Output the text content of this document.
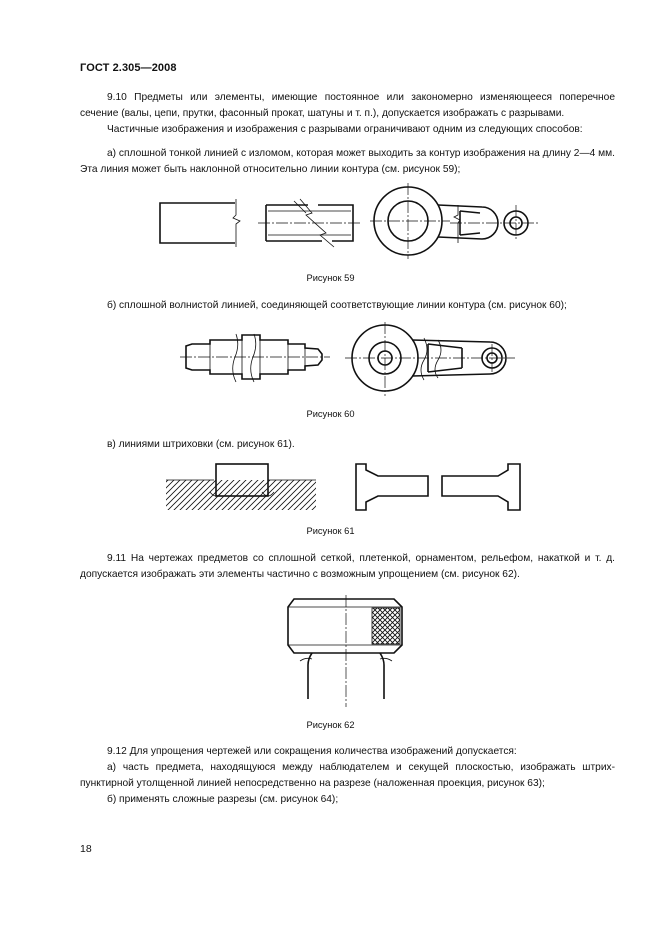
ГОСТ 2.305—2008
9.10 Предметы или элементы, имеющие постоянное или закономерно изменяющееся поперечное сечение (валы, цепи, прутки, фасонный прокат, шатуны и т. п.), допускается изображать с разрывами.
Частичные изображения и изображения с разрывами ограничивают одним из следующих способов:
а) сплошной тонкой линией с изломом, которая может выходить за контур изображения на длину 2—4 мм. Эта линия может быть наклонной относительно линии контура (см. рисунок 59);
Рисунок 59
б) сплошной волнистой линией, соединяющей соответствующие линии контура (см. рисунок 60);
Рисунок 60
в) линиями штриховки (см. рисунок 61).
Рисунок 61
9.11 На чертежах предметов со сплошной сеткой, плетенкой, орнаментом, рельефом, накаткой и т. д. допускается изображать эти элементы частично с возможным упрощением (см. рисунок 62).
Рисунок 62
9.12 Для упрощения чертежей или сокращения количества изображений допускается:
а) часть предмета, находящуюся между наблюдателем и секущей плоскостью, изображать штрих-пунктирной утолщенной линией непосредственно на разрезе (наложенная проекция, рисунок 63);
б) применять сложные разрезы (см. рисунок 64);
18
